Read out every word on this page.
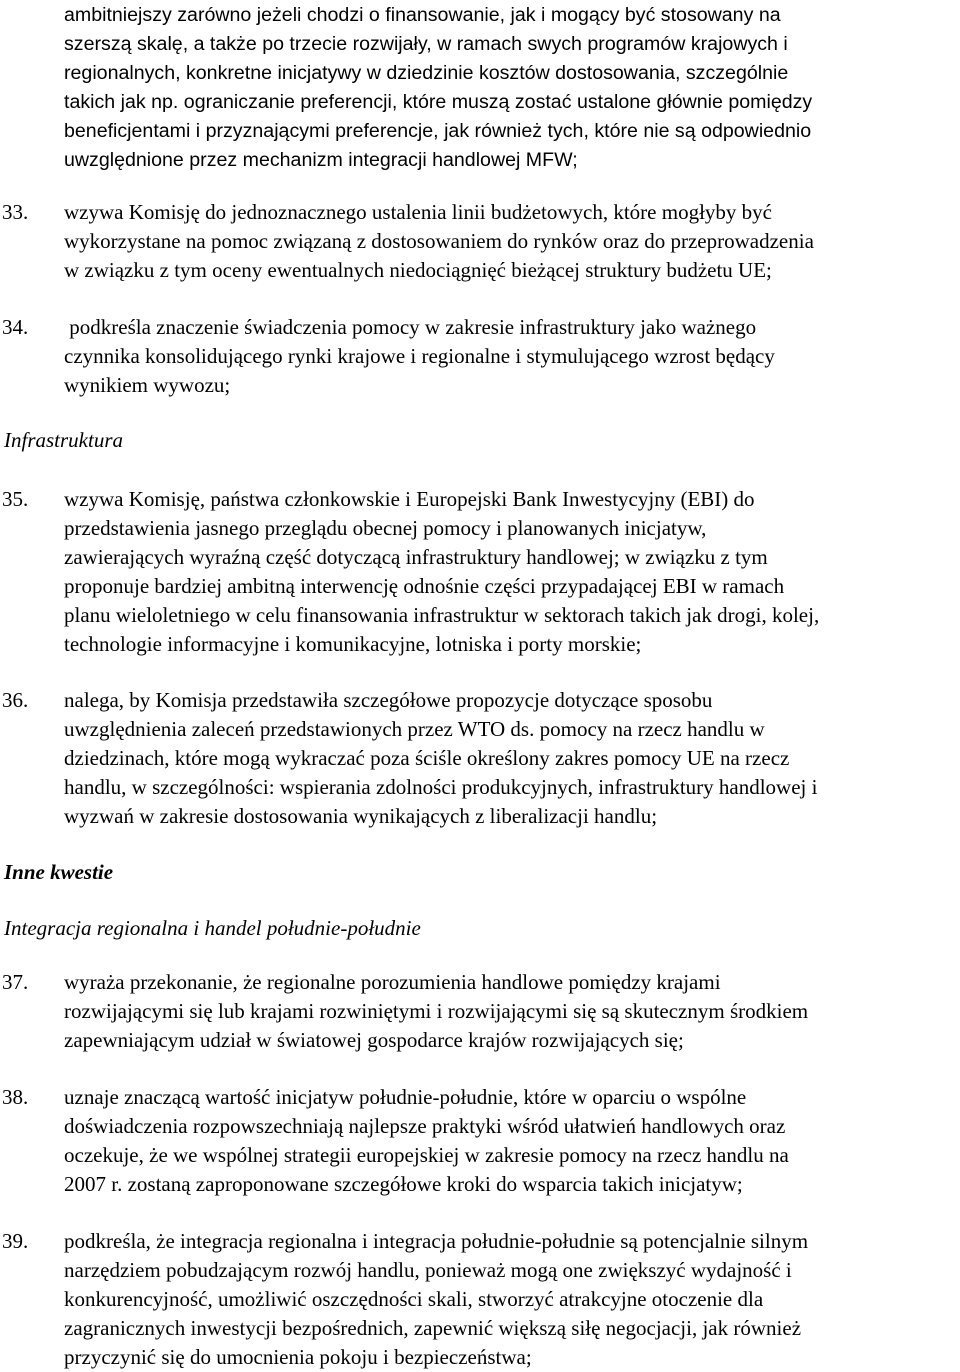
ambitniejszy zarówno jeżeli chodzi o finansowanie, jak i mogący być stosowany na
szerszą skalę, a także po trzecie rozwijały, w ramach swych programów krajowych i
regionalnych, konkretne inicjatywy w dziedzinie kosztów dostosowania, szczególnie
takich jak np. ograniczanie preferencji, które muszą zostać ustalone głównie pomiędzy
beneficjentami i przyznającymi preferencje, jak również tych, które nie są odpowiednio
uwzględnione przez mechanizm integracji handlowej MFW;
33. wzywa Komisję do jednoznacznego ustalenia linii budżetowych, które mogłyby być
wykorzystane na pomoc związaną z dostosowaniem do rynków oraz do przeprowadzenia
w związku z tym oceny ewentualnych niedociągnięć bieżącej struktury budżetu UE;
34. podkreśla znaczenie świadczenia pomocy w zakresie infrastruktury jako ważnego
czynnika konsolidującego rynki krajowe i regionalne i stymulującego wzrost będący
wynikiem wywozu;
Infrastruktura
35. wzywa Komisję, państwa członkowskie i Europejski Bank Inwestycyjny (EBI) do
przedstawienia jasnego przeglądu obecnej pomocy i planowanych inicjatyw,
zawierających wyraźną część dotyczącą infrastruktury handlowej; w związku z tym
proponuje bardziej ambitną interwencję odnośnie części przypadającej EBI w ramach
planu wieloletniego w celu finansowania infrastruktur w sektorach takich jak drogi, kolej,
technologie informacyjne i komunikacyjne, lotniska i porty morskie;
36. nalega, by Komisja przedstawiła szczegółowe propozycje dotyczące sposobu
uwzględnienia zaleceń przedstawionych przez WTO ds. pomocy na rzecz handlu w
dziedzinach, które mogą wykraczać poza ściśle określony zakres pomocy UE na rzecz
handlu, w szczególności: wspierania zdolności produkcyjnych, infrastruktury handlowej i
wyzwań w zakresie dostosowania wynikających z liberalizacji handlu;
Inne kwestie
Integracja regionalna i handel południe-południe
37. wyraża przekonanie, że regionalne porozumienia handlowe pomiędzy krajami
rozwijającymi się lub krajami rozwiniętymi i rozwijającymi się są skutecznym środkiem
zapewniającym udział w światowej gospodarce krajów rozwijających się;
38. uznaje znaczącą wartość inicjatyw południe-południe, które w oparciu o wspólne
doświadczenia rozpowszechniają najlepsze praktyki wśród ułatwień handlowych oraz
oczekuje, że we wspólnej strategii europejskiej w zakresie pomocy na rzecz handlu na
2007 r. zostaną zaproponowane szczegółowe kroki do wsparcia takich inicjatyw;
39. podkreśla, że integracja regionalna i integracja południe-południe są potencjalnie silnym
narzędziem pobudzającym rozwój handlu, ponieważ mogą one zwiększyć wydajność i
konkurencyjność, umożliwić oszczędności skali, stworzyć atrakcyjne otoczenie dla
zagranicznych inwestycji bezpośrednich, zapewnić większą siłę negocjacji, jak również
przyczynić się do umocnienia pokoju i bezpieczeństwa;
